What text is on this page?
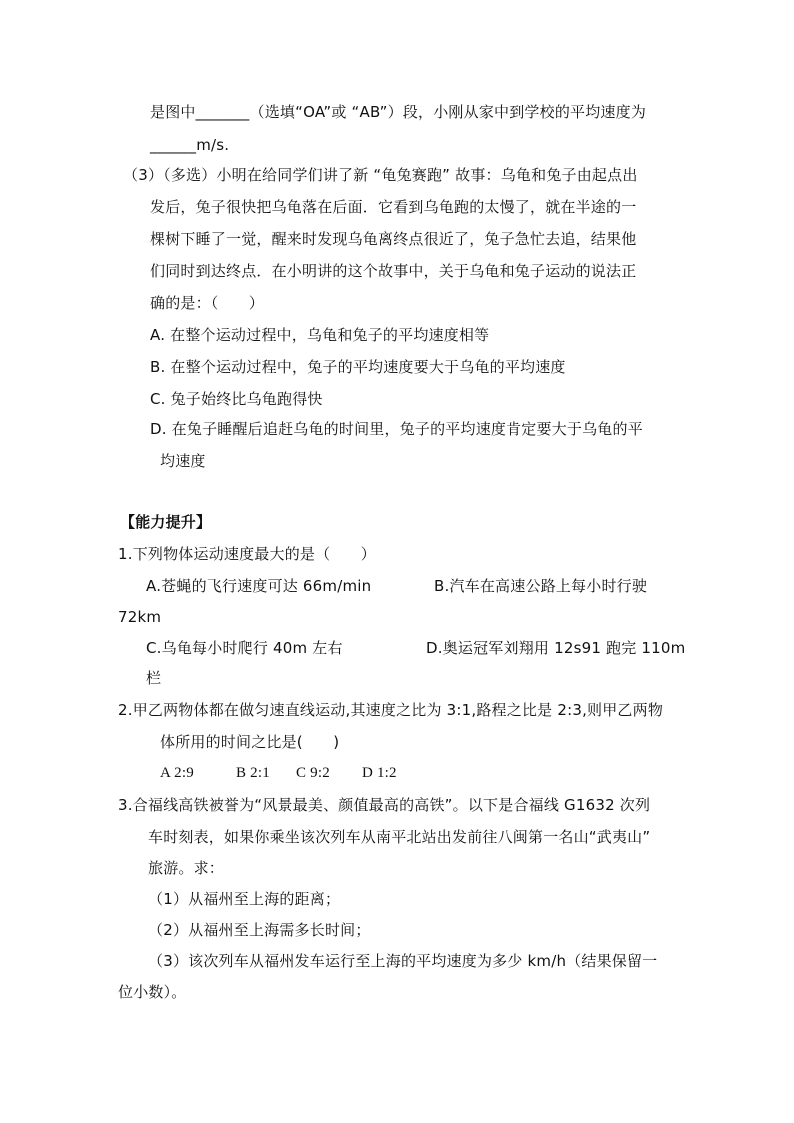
是图中_______（选填“OA”或 “AB”）段，小刚从家中到学校的平均速度为
______m/s.
（3）（多选）小明在给同学们讲了新 “龟兔赛跑” 故事：乌龟和兔子由起点出
发后，兔子很快把乌龟落在后面．它看到乌龟跑的太慢了，就在半途的一
棵树下睡了一觉，醒来时发现乌龟离终点很近了，兔子急忙去追，结果他
们同时到达终点．在小明讲的这个故事中，关于乌龟和兔子运动的说法正
确的是：（　　）
A. 在整个运动过程中，乌龟和兔子的平均速度相等
B. 在整个运动过程中，兔子的平均速度要大于乌龟的平均速度
C. 兔子始终比乌龟跑得快
D. 在兔子睡醒后追赶乌龟的时间里，兔子的平均速度肯定要大于乌龟的平
均速度
【能力提升】
1.下列物体运动速度最大的是（　　）
A.苍蝇的飞行速度可达 66m/min	B.汽车在高速公路上每小时行驶
72km
C.乌龟每小时爬行 40m 左右	D.奥运冠军刘翔用 12s91 跑完 110m
栏
2.甲乙两物体都在做匀速直线运动,其速度之比为 3:1,路程之比是 2:3,则甲乙两物
体所用的时间之比是(　　)
A 2:9	B 2:1 C 9:2 D 1:2
3.合福线高铁被誉为“风景最美、颜值最高的高铁”。以下是合福线 G1632 次列
车时刻表，如果你乘坐该次列车从南平北站出发前往八闽第一名山“武夷山”
旅游。求：
（1）从福州至上海的距离；
（2）从福州至上海需多长时间；
（3）该次列车从福州发车运行至上海的平均速度为多少 km/h（结果保留一
位小数）。
